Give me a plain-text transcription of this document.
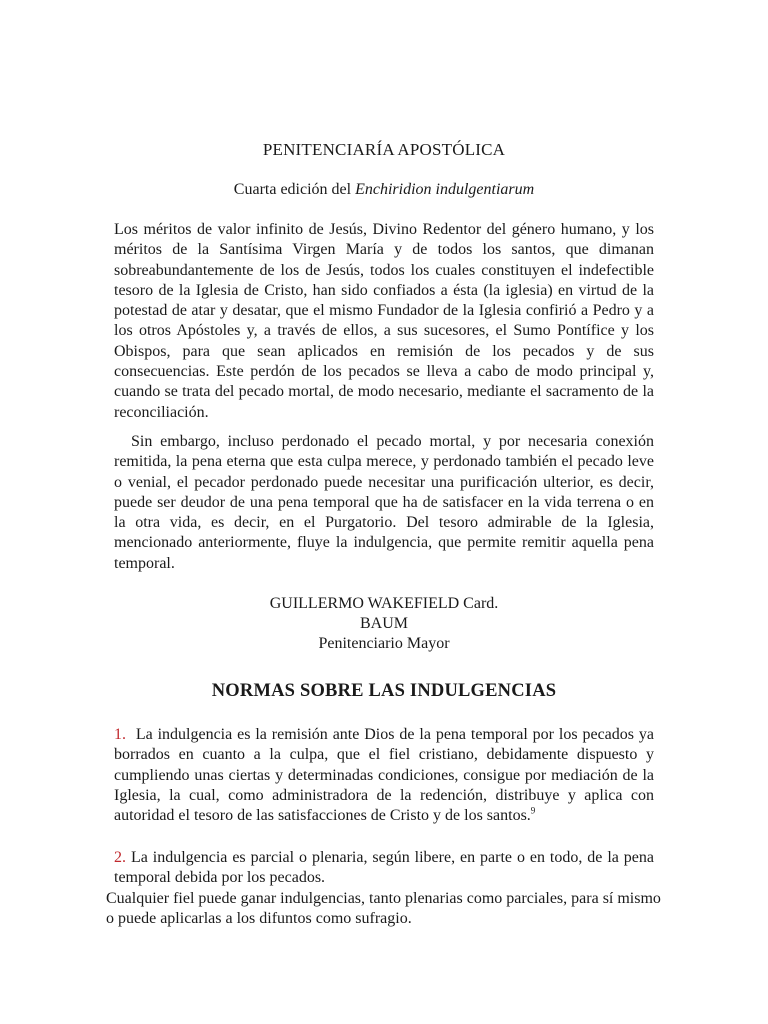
PENITENCIARÍA APOSTÓLICA
Cuarta edición del Enchiridion indulgentiarum

Los méritos de valor infinito de Jesús, Divino Redentor del género humano, y los méritos de la Santísima Virgen María y de todos los santos, que dimanan sobreabundantemente de los de Jesús, todos los cuales constituyen el indefectible tesoro de la Iglesia de Cristo, han sido confiados a ésta (la iglesia) en virtud de la potestad de atar y desatar, que el mismo Fundador de la Iglesia confirió a Pedro y a los otros Apóstoles y, a través de ellos, a sus sucesores, el Sumo Pontífice y los Obispos, para que sean aplicados en remisión de los pecados y de sus consecuencias. Este perdón de los pecados se lleva a cabo de modo principal y, cuando se trata del pecado mortal, de modo necesario, mediante el sacramento de la reconciliación.

Sin embargo, incluso perdonado el pecado mortal, y por necesaria conexión remitida, la pena eterna que esta culpa merece, y perdonado también el pecado leve o venial, el pecador perdonado puede necesitar una purificación ulterior, es decir, puede ser deudor de una pena temporal que ha de satisfacer en la vida terrena o en la otra vida, es decir, en el Purgatorio. Del tesoro admirable de la Iglesia, mencionado anteriormente, fluye la indulgencia, que permite remitir aquella pena temporal.

GUILLERMO WAKEFIELD Card.
BAUM
Penitenciario Mayor
NORMAS SOBRE LAS INDULGENCIAS

1. La indulgencia es la remisión ante Dios de la pena temporal por los pecados ya borrados en cuanto a la culpa, que el fiel cristiano, debidamente dispuesto y cumpliendo unas ciertas y determinadas condiciones, consigue por mediación de la Iglesia, la cual, como administradora de la redención, distribuye y aplica con autoridad el tesoro de las satisfacciones de Cristo y de los santos.$^9$

2. La indulgencia es parcial o plenaria, según libere, en parte o en todo, de la pena temporal debida por los pecados.

Cualquier fiel puede ganar indulgencias, tanto plenarias como parciales, para sí mismo o puede aplicarlas a los difuntos como sufragio.
